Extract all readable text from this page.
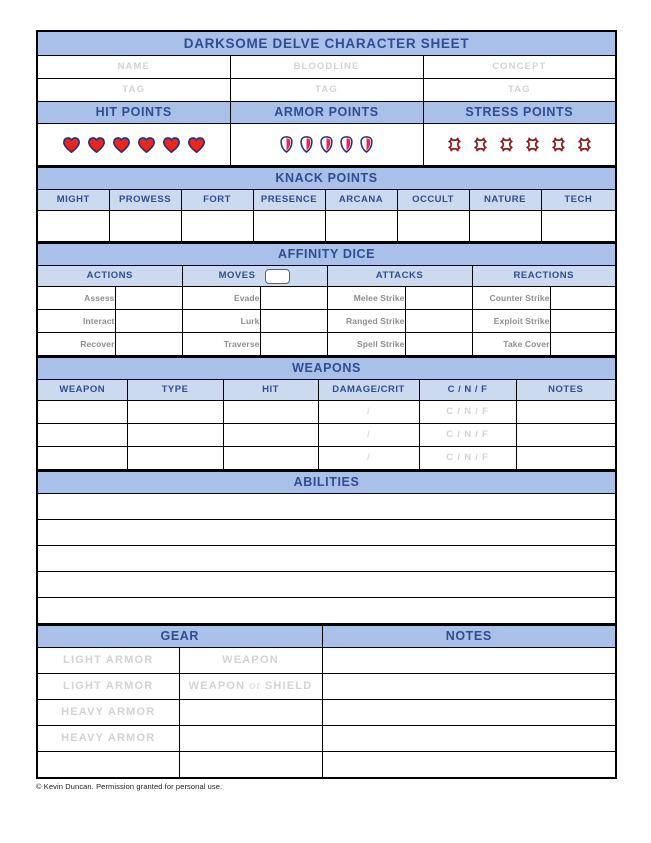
DARKSOME DELVE CHARACTER SHEET		
NAME	BLOODLINE	CONCEPT
TAG	TAG	TAG
HIT POINTS	ARMOR POINTS	STRESS POINTS

KNACK POINTS							
MIGHT	PROWESS	FORT	PRESENCE	ARCANA	OCCULT	NATURE	TECH

AFFINITY DICE							
ACTIONS		MOVES		ATTACKS		REACTIONS	
Assess		Evade		Melee Strike		Counter Strike	
Interact		Lurk		Ranged Strike		Exploit Strike	
Recover		Traverse		Spell Strike		Take Cover	
WEAPONS					
WEAPON	TYPE	HIT	DAMAGE/CRIT	C / N / F	NOTES
			/	C / N / F	
			/	C / N / F	
			/	C / N / F	
ABILITIES

GEAR		NOTES
LIGHT ARMOR	WEAPON	
LIGHT ARMOR	WEAPON or SHIELD	
HEAVY ARMOR		
HEAVY ARMOR		

© Kevin Duncan. Permission granted for personal use.
